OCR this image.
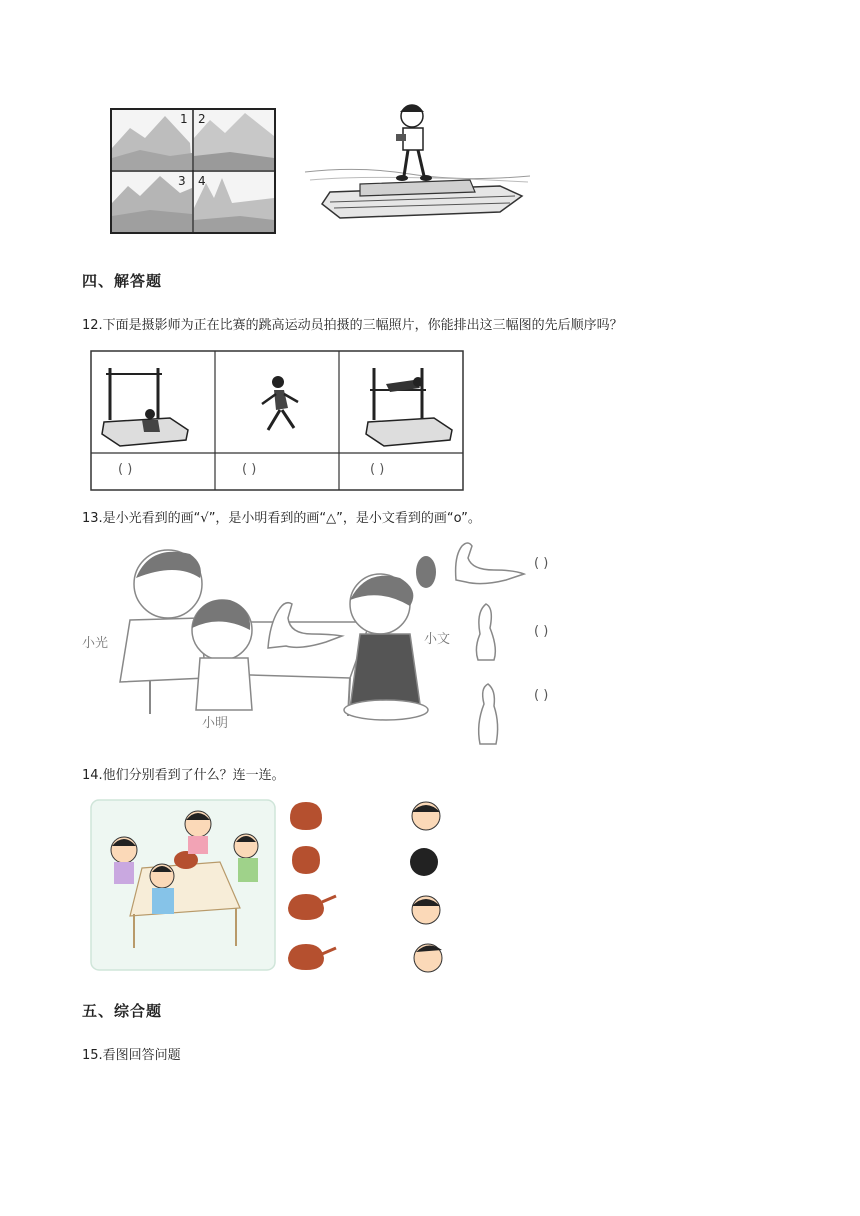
1 2
3 4
四、解答题
12.下面是摄影师为正在比赛的跳高运动员拍摄的三幅照片，你能排出这三幅图的先后顺序吗？
( )	( )	( )
13.是小光看到的画“√”，是小明看到的画“△”，是小文看到的画“o”。
小光
小明
小文
( )
( )
( )
14.他们分别看到了什么？连一连。
五、综合题
15.看图回答问题
